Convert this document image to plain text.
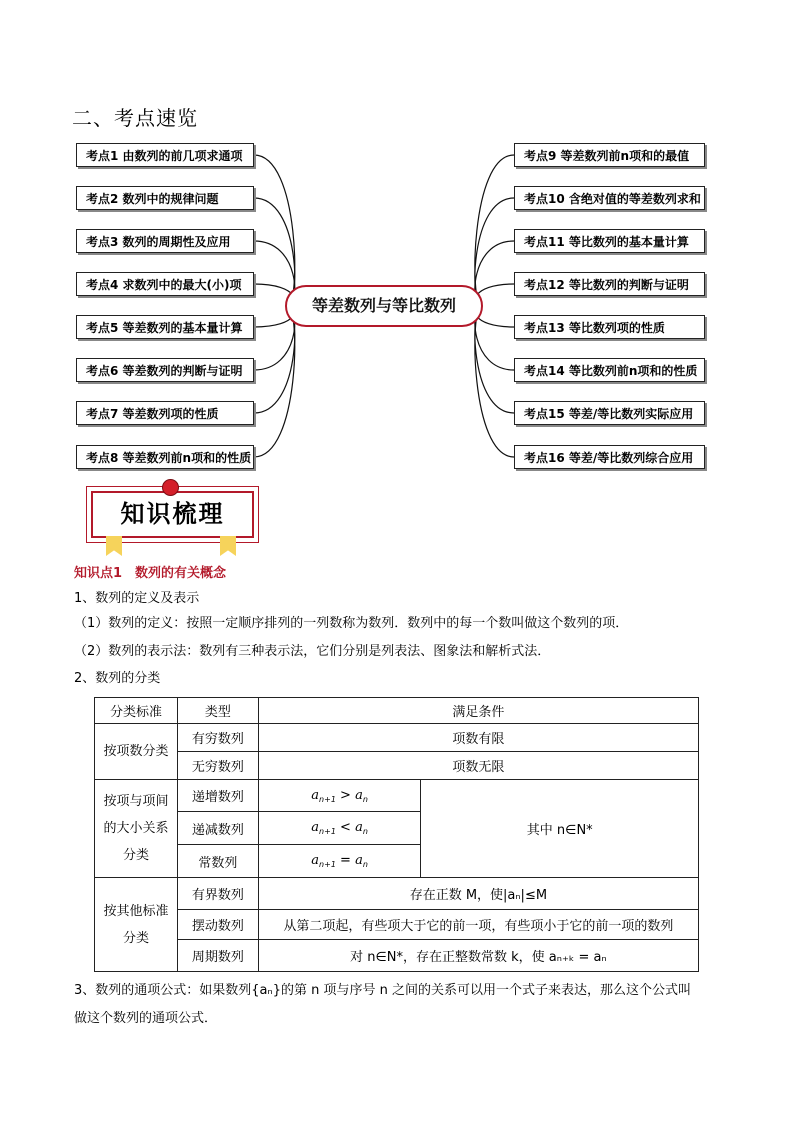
二、考点速览
考点1 由数列的前几项求通项
考点2 数列中的规律问题
考点3 数列的周期性及应用
考点4 求数列中的最大(小)项
考点5 等差数列的基本量计算
考点6 等差数列的判断与证明
考点7 等差数列项的性质
考点8 等差数列前n项和的性质
考点9 等差数列前n项和的最值
考点10 含绝对值的等差数列求和
考点11 等比数列的基本量计算
考点12 等比数列的判断与证明
考点13 等比数列项的性质
考点14 等比数列前n项和的性质
考点15 等差/等比数列实际应用
考点16 等差/等比数列综合应用
等差数列与等比数列
知识梳理
知识点1　数列的有关概念
1、数列的定义及表示
（1）数列的定义：按照一定顺序排列的一列数称为数列．数列中的每一个数叫做这个数列的项．
（2）数列的表示法：数列有三种表示法，它们分别是列表法、图象法和解析式法．
2、数列的分类
分类标准	类型	满足条件	
按项数分类	有穷数列	项数有限	
	无穷数列	项数无限	
按项与项间的大小关系分类	递增数列	$a_{n+1} > a_n$	其中 n∈N*
	递减数列	$a_{n+1} < a_n$
	常数列	$a_{n+1} = a_n$
按其他标准分类	有界数列	存在正数 M，使|aₙ|≤M	
	摆动数列	从第二项起，有些项大于它的前一项，有些项小于它的前一项的数列	
	周期数列	对 n∈N*，存在正整数常数 k，使 aₙ₊ₖ = aₙ	
3、数列的通项公式：如果数列{aₙ}的第 n 项与序号 n 之间的关系可以用一个式子来表达，那么这个公式叫
做这个数列的通项公式．
